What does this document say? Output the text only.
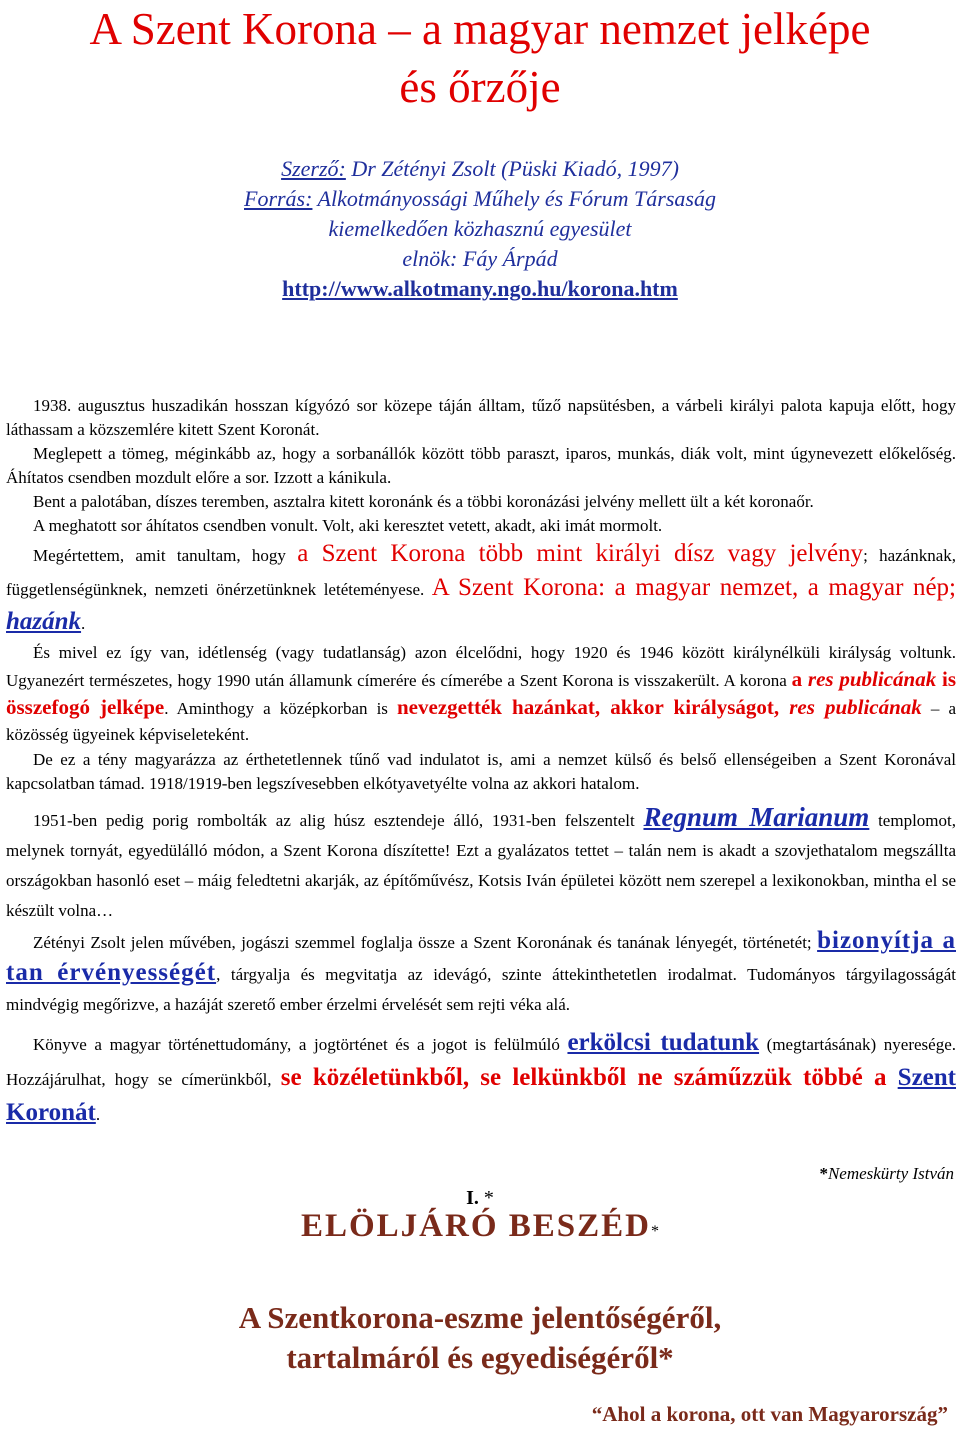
A Szent Korona – a magyar nemzet jelképe
és őrzője
Szerző: Dr Zétényi Zsolt (Püski Kiadó, 1997)
Forrás: Alkotmányossági Műhely és Fórum Társaság
kiemelkedően közhasznú egyesület
elnök: Fáy Árpád
http://www.alkotmany.ngo.hu/korona.htm

1938. augusztus huszadikán hosszan kígyózó sor közepe táján álltam, tűző napsütésben, a várbeli királyi palota kapuja előtt, hogy láthassam a közszemlére kitett Szent Koronát.

Meglepett a tömeg, méginkább az, hogy a sorbanállók között több paraszt, iparos, munkás, diák volt, mint úgynevezett előkelőség. Áhítatos csendben mozdult előre a sor. Izzott a kánikula.

Bent a palotában, díszes teremben, asztalra kitett koronánk és a többi koronázási jelvény mellett ült a két koronaőr.

A meghatott sor áhítatos csendben vonult. Volt, aki keresztet vetett, akadt, aki imát mormolt.

Megértettem, amit tanultam, hogy a Szent Korona több mint királyi dísz vagy jelvény; hazánknak, függetlenségünknek, nemzeti önérzetünknek letéteményese. A Szent Korona: a magyar nemzet, a magyar nép; hazánk.

És mivel ez így van, idétlenség (vagy tudatlanság) azon élcelődni, hogy 1920 és 1946 között királynélküli királyság voltunk. Ugyanezért természetes, hogy 1990 után államunk címerére és címerébe a Szent Korona is visszakerült. A korona a res publicának is összefogó jelképe. Aminthogy a középkorban is nevezgették hazánkat, akkor királyságot, res publicának – a közösség ügyeinek képviseleteként.

De ez a tény magyarázza az érthetetlennek tűnő vad indulatot is, ami a nemzet külső és belső ellenségeiben a Szent Koronával kapcsolatban támad. 1918/1919-ben legszívesebben elkótyavetyélte volna az akkori hatalom.

1951-ben pedig porig rombolták az alig húsz esztendeje álló, 1931-ben felszentelt Regnum Marianum templomot, melynek tornyát, egyedülálló módon, a Szent Korona díszítette! Ezt a gyalázatos tettet – talán nem is akadt a szovjethatalom megszállta országokban hasonló eset – máig feledtetni akarják, az építőművész, Kotsis Iván épületei között nem szerepel a lexikonokban, mintha el se készült volna…

Zétényi Zsolt jelen művében, jogászi szemmel foglalja össze a Szent Koronának és tanának lényegét, történetét; bizonyítja a tan érvényességét, tárgyalja és megvitatja az idevágó, szinte áttekinthetetlen irodalmat. Tudományos tárgyilagosságát mindvégig megőrizve, a hazáját szerető ember érzelmi érvelését sem rejti véka alá.

Könyve a magyar történettudomány, a jogtörténet és a jogot is felülmúló erkölcsi tudatunk (megtartásának) nyeresége. Hozzájárulhat, hogy se címerünkből, se közéletünkből, se lelkünkből ne száműzzük többé a Szent Koronát.

*Nemeskürty István
I. *
ELÖLJÁRÓ BESZÉD*
A Szentkorona-eszme jelentőségéről,
tartalmáról és egyediségéről*
“Ahol a korona, ott van Magyarország”
